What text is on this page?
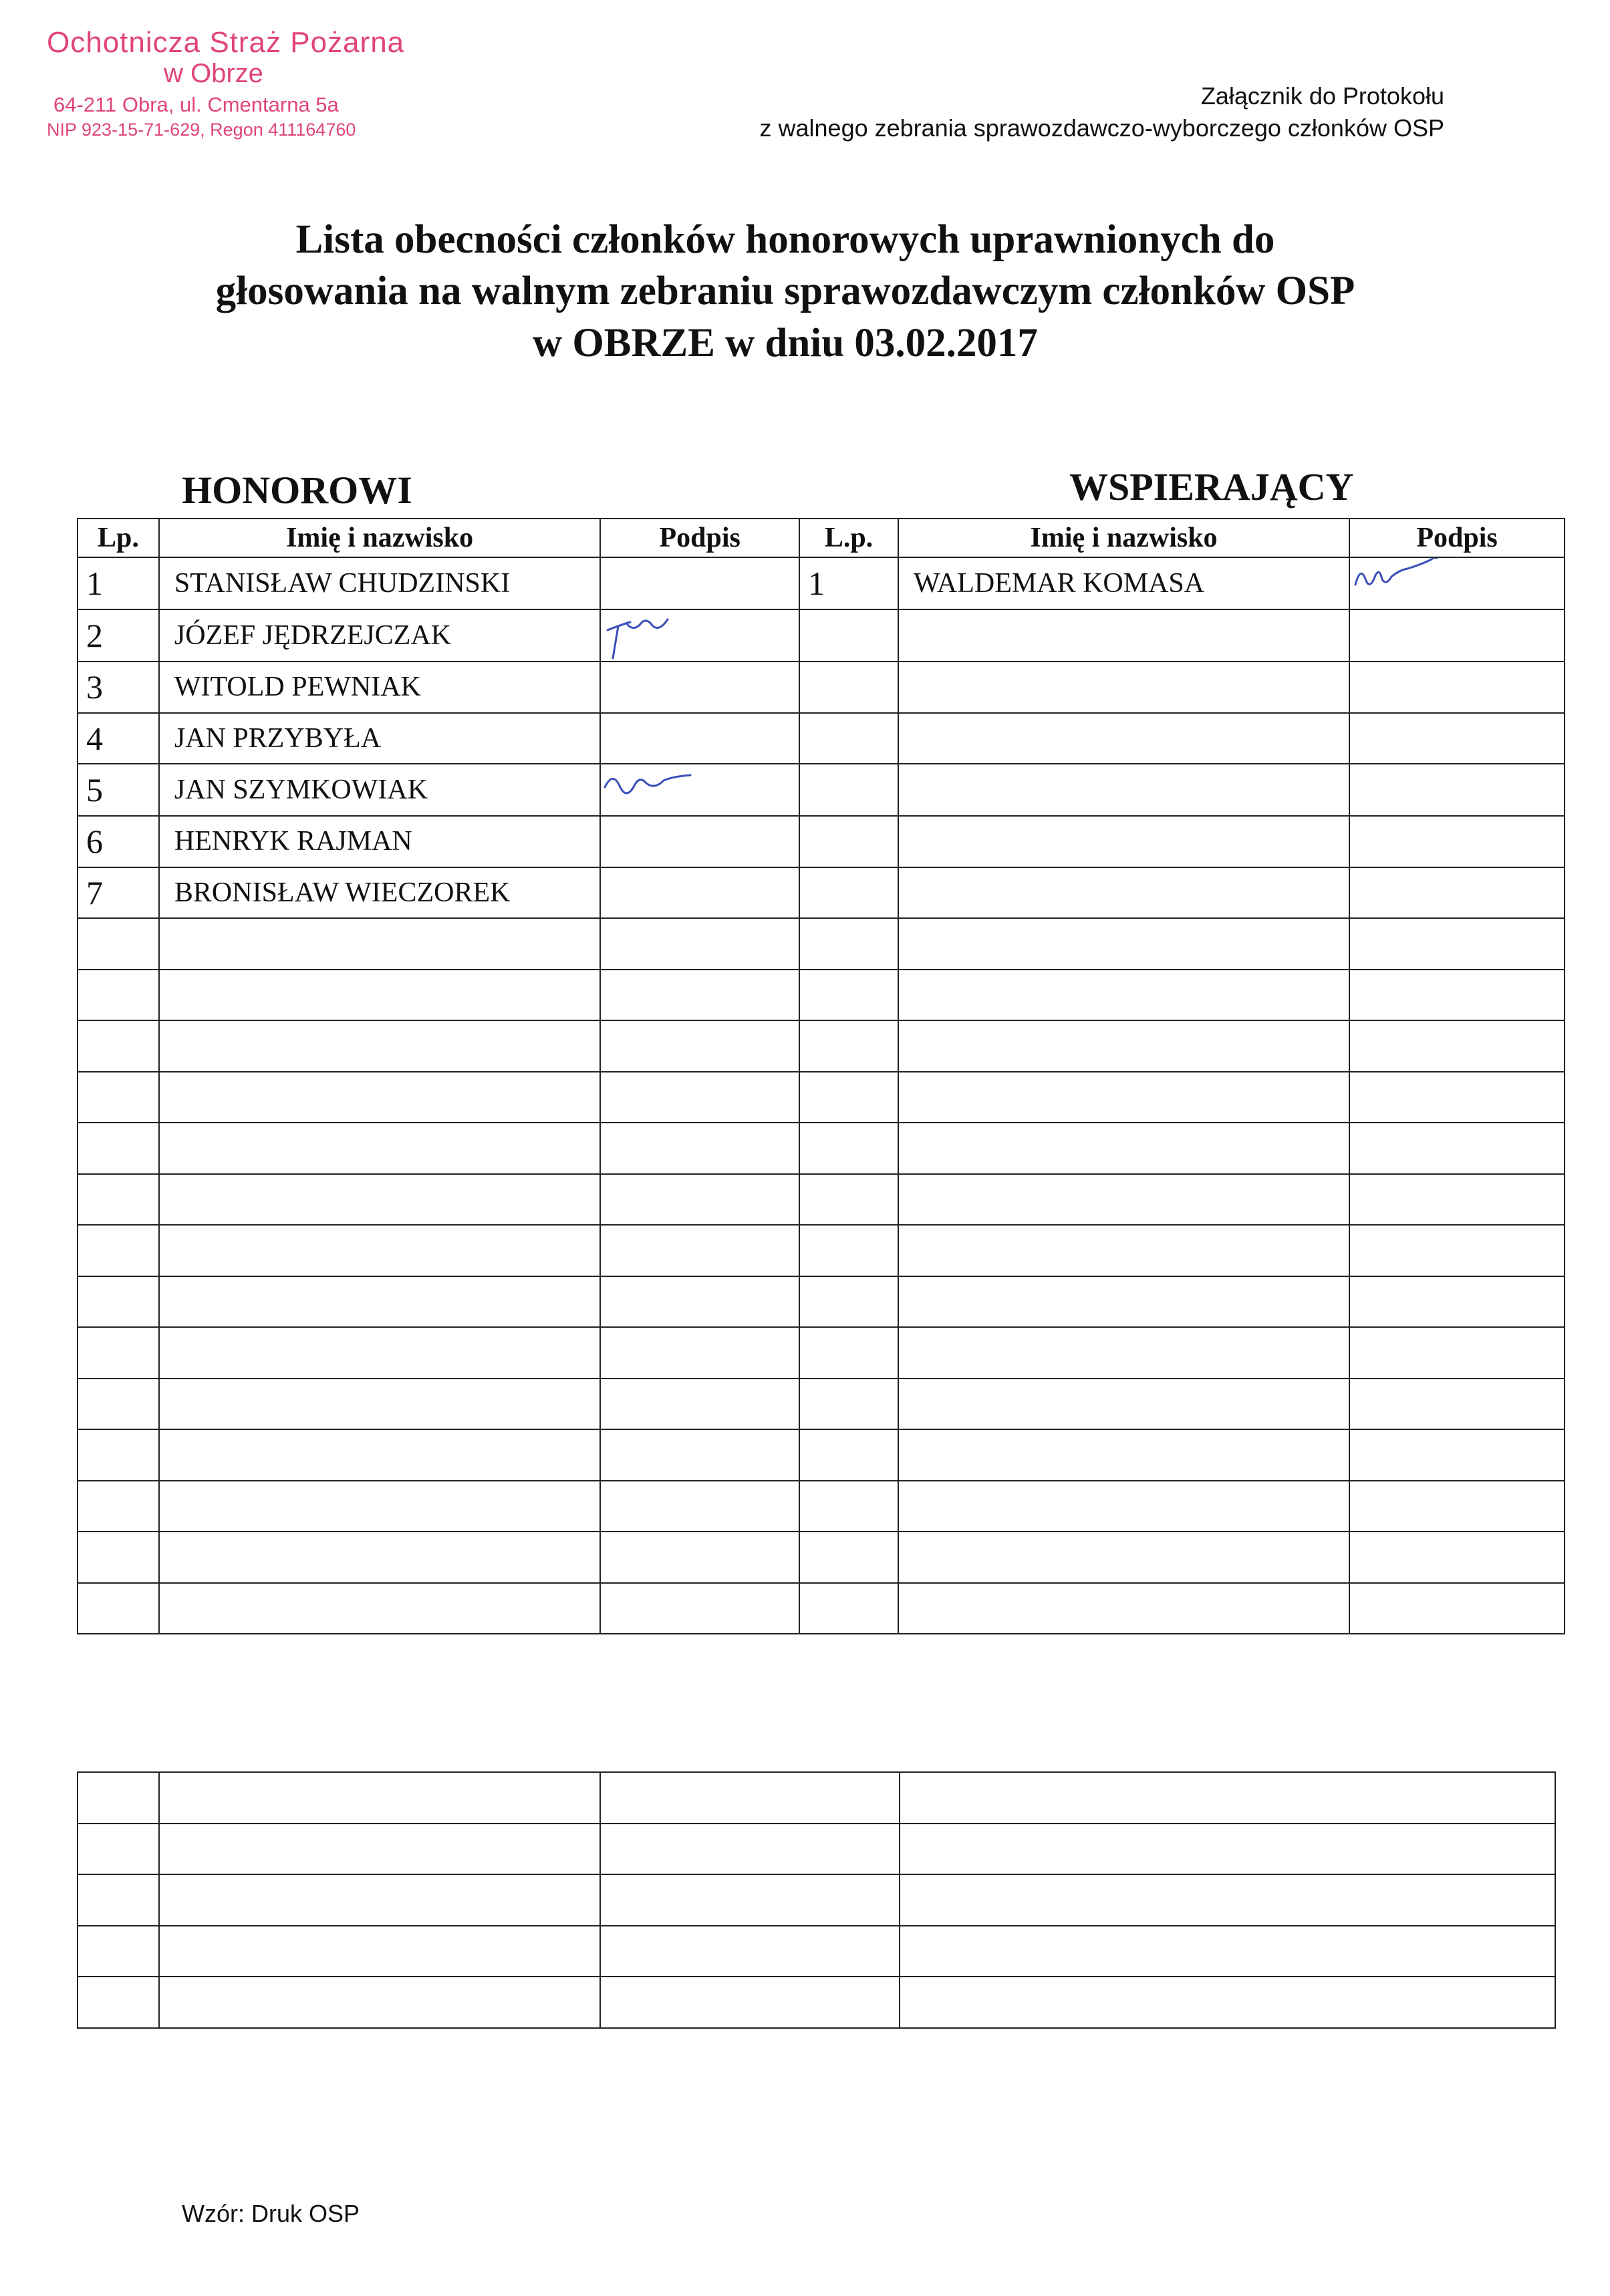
Ochotnicza Straż Pożarna
w Obrze
64-211 Obra, ul. Cmentarna 5a
NIP 923-15-71-629, Regon 411164760
Załącznik do Protokołu
z walnego zebrania sprawozdawczo-wyborczego członków OSP
Lista obecności członków honorowych uprawnionych do
głosowania na walnym zebraniu sprawozdawczym członków OSP
w OBRZE w dniu 03.02.2017
HONOROWI	WSPIERAJĄCY
Lp.	Imię i nazwisko	Podpis	L.p.	Imię i nazwisko	Podpis
1	STANISŁAW CHUDZINSKI		1	WALDEMAR KOMASA	

2	JÓZEF JĘDRZEJCZAK	

3	WITOLD PEWNIAK				
4	JAN PRZYBYŁA				
5	JAN SZYMKOWIAK	

6	HENRYK RAJMAN				
7	BRONISŁAW WIECZOREK				

Wzór: Druk OSP
